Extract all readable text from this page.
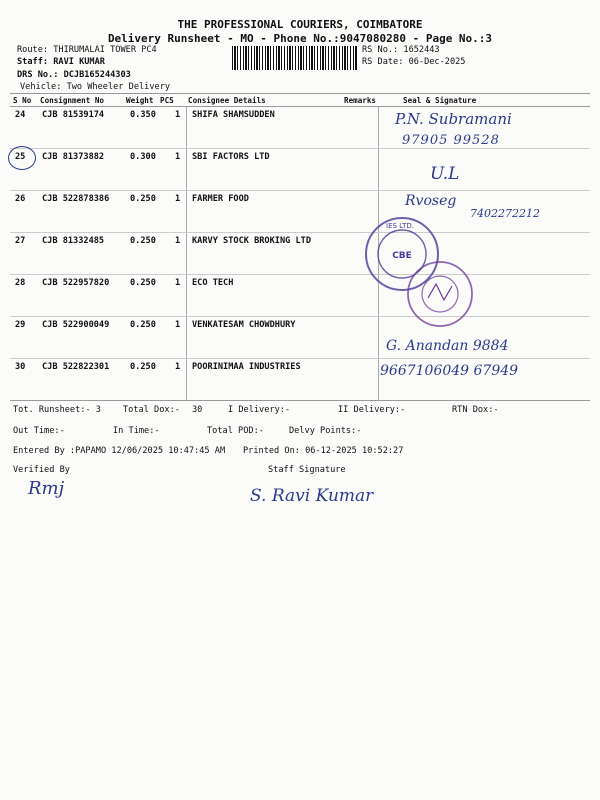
THE PROFESSIONAL COURIERS, COIMBATORE
Delivery Runsheet - MO - Phone No.:9047080280 - Page No.:3
Route: THIRUMALAI TOWER PC4
Staff: RAVI KUMAR
DRS No.: DCJB165244303
Vehicle: Two Wheeler Delivery
RS No.: 1652443
RS Date: 06-Dec-2025
S No Consignment No	Weight PCS Consignee Details	Remarks	Seal & Signature
24 CJB 81539174	0.350 1 SHIFA SHAMSUDDEN
25 CJB 81373882	0.300 1 SBI FACTORS LTD
26 CJB 522878386 0.250 1 FARMER FOOD
27 CJB 81332485	0.250 1 KARVY STOCK BROKING LTD
28 CJB 522957820 0.250 1 ECO TECH
29 CJB 522900049 0.250 1 VENKATESAM CHOWDHURY
30 CJB 522822301 0.250 1 POORINIMAA INDUSTRIES
CBE
IES LTD.
P.N. Subramani
97905 99528
U.L
Rvoseg
7402272212
G. Anandan 9884
9667106049 67949
Tot. Runsheet:- 3	Total Dox:- 30	I Delivery:-	II Delivery:-	RTN Dox:-
Out Time:-	In Time:-	Total POD:-	Delvy Points:-
Entered By :PAPAMO 12/06/2025 10:47:45 AM Printed On: 06-12-2025 10:52:27
Verified By	Staff Signature
Rmj	S. Ravi Kumar
